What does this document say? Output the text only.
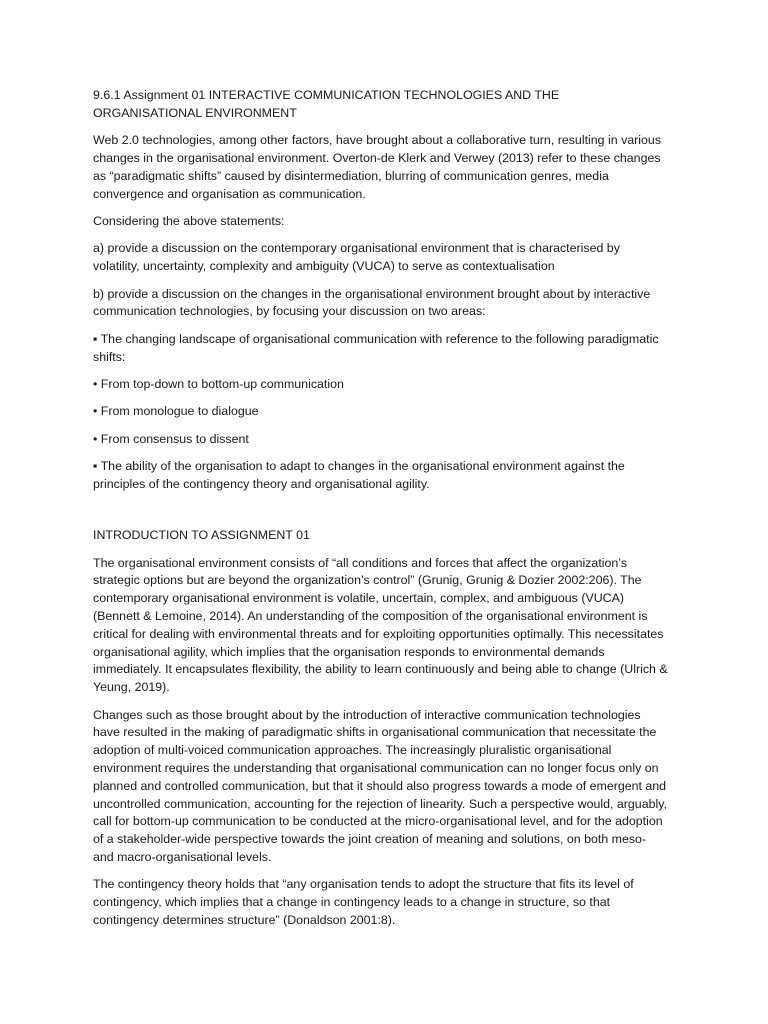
9.6.1 Assignment 01 INTERACTIVE COMMUNICATION TECHNOLOGIES AND THE ORGANISATIONAL ENVIRONMENT

Web 2.0 technologies, among other factors, have brought about a collaborative turn, resulting in various changes in the organisational environment. Overton-de Klerk and Verwey (2013) refer to these changes as “paradigmatic shifts” caused by disintermediation, blurring of communication genres, media convergence and organisation as communication.

Considering the above statements:

a) provide a discussion on the contemporary organisational environment that is characterised by volatility, uncertainty, complexity and ambiguity (VUCA) to serve as contextualisation

b) provide a discussion on the changes in the organisational environment brought about by interactive communication technologies, by focusing your discussion on two areas:

▪ The changing landscape of organisational communication with reference to the following paradigmatic shifts:

• From top-down to bottom-up communication

• From monologue to dialogue

• From consensus to dissent

▪ The ability of the organisation to adapt to changes in the organisational environment against the principles of the contingency theory and organisational agility.

INTRODUCTION TO ASSIGNMENT 01

The organisational environment consists of “all conditions and forces that affect the organization’s strategic options but are beyond the organization’s control” (Grunig, Grunig & Dozier 2002:206). The contemporary organisational environment is volatile, uncertain, complex, and ambiguous (VUCA) (Bennett & Lemoine, 2014). An understanding of the composition of the organisational environment is critical for dealing with environmental threats and for exploiting opportunities optimally. This necessitates organisational agility, which implies that the organisation responds to environmental demands immediately. It encapsulates flexibility, the ability to learn continuously and being able to change (Ulrich & Yeung, 2019).

Changes such as those brought about by the introduction of interactive communication technologies have resulted in the making of paradigmatic shifts in organisational communication that necessitate the adoption of multi-voiced communication approaches. The increasingly pluralistic organisational environment requires the understanding that organisational communication can no longer focus only on planned and controlled communication, but that it should also progress towards a mode of emergent and uncontrolled communication, accounting for the rejection of linearity. Such a perspective would, arguably, call for bottom-up communication to be conducted at the micro-organisational level, and for the adoption of a stakeholder-wide perspective towards the joint creation of meaning and solutions, on both meso- and macro-organisational levels.

The contingency theory holds that “any organisation tends to adopt the structure that fits its level of contingency, which implies that a change in contingency leads to a change in structure, so that contingency determines structure” (Donaldson 2001:8).
